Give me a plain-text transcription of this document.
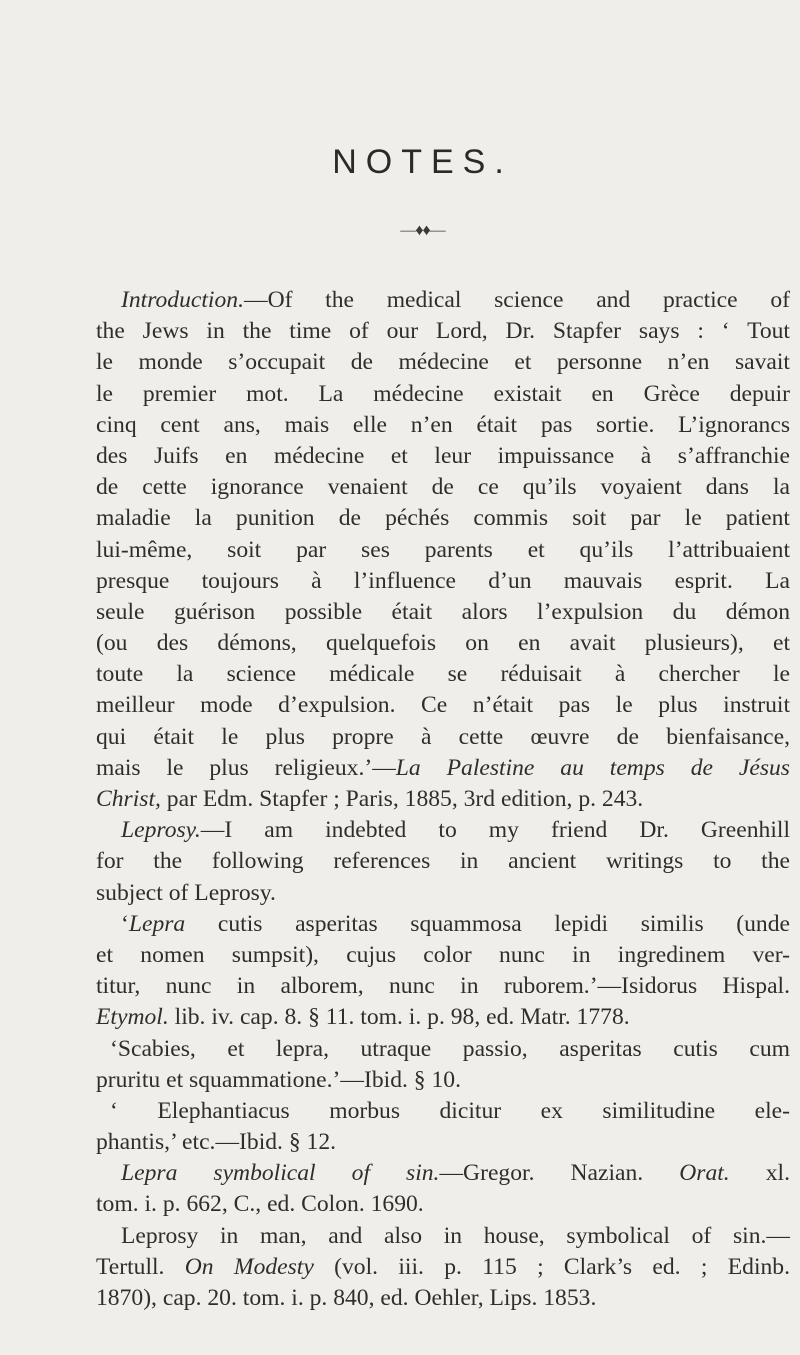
NOTES.
—♦♦—
Introduction.—Of the medical science and practice of
the Jews in the time of our Lord, Dr. Stapfer says : ‘ Tout
le monde s’occupait de médecine et personne n’en savait
le premier mot. La médecine existait en Grèce depuir
cinq cent ans, mais elle n’en était pas sortie. L’ignorancs
des Juifs en médecine et leur impuissance à s’affranchie
de cette ignorance venaient de ce qu’ils voyaient dans la
maladie la punition de péchés commis soit par le patient
lui-même, soit par ses parents et qu’ils l’attribuaient
presque toujours à l’influence d’un mauvais esprit. La
seule guérison possible était alors l’expulsion du démon
(ou des démons, quelquefois on en avait plusieurs), et
toute la science médicale se réduisait à chercher le
meilleur mode d’expulsion. Ce n’était pas le plus instruit
qui était le plus propre à cette œuvre de bienfaisance,
mais le plus religieux.’—La Palestine au temps de Jésus
Christ, par Edm. Stapfer ; Paris, 1885, 3rd edition, p. 243.
Leprosy.—I am indebted to my friend Dr. Greenhill
for the following references in ancient writings to the
subject of Leprosy.
‘Lepra cutis asperitas squammosa lepidi similis (unde
et nomen sumpsit), cujus color nunc in ingredinem ver-
titur, nunc in alborem, nunc in ruborem.’—Isidorus Hispal.
Etymol. lib. iv. cap. 8. § 11. tom. i. p. 98, ed. Matr. 1778.
‘Scabies, et lepra, utraque passio, asperitas cutis cum
pruritu et squammatione.’—Ibid. § 10.
‘ Elephantiacus morbus dicitur ex similitudine ele-
phantis,’ etc.—Ibid. § 12.
Lepra symbolical of sin.—Gregor. Nazian. Orat. xl.
tom. i. p. 662, C., ed. Colon. 1690.
Leprosy in man, and also in house, symbolical of sin.—
Tertull. On Modesty (vol. iii. p. 115 ; Clark’s ed. ; Edinb.
1870), cap. 20. tom. i. p. 840, ed. Oehler, Lips. 1853.
